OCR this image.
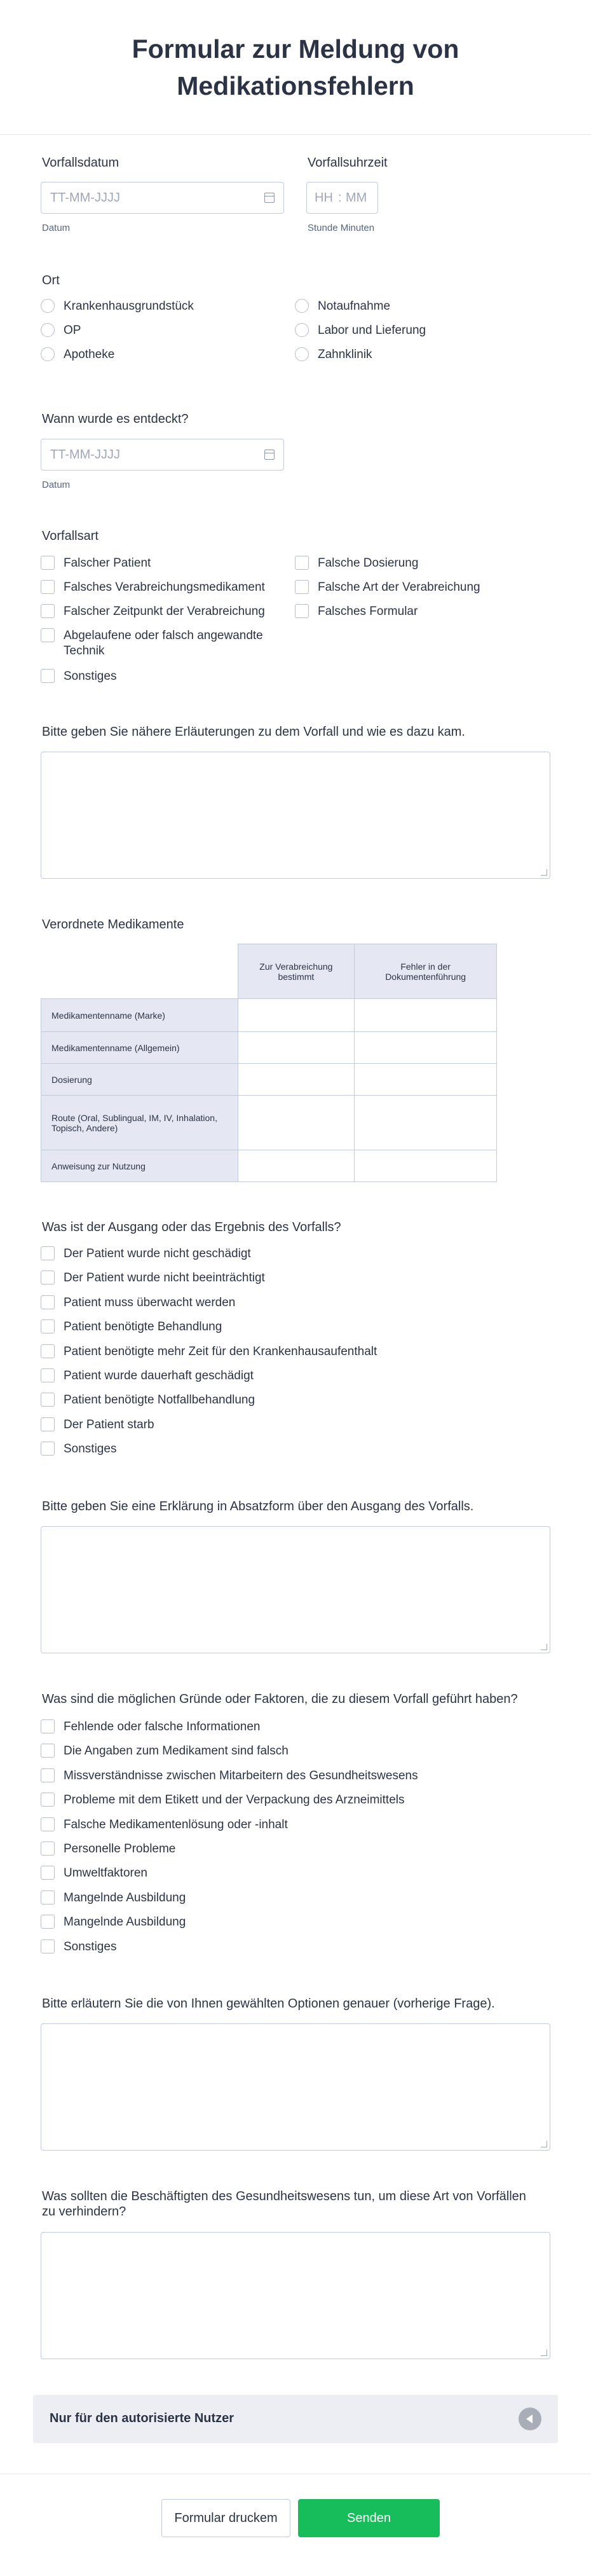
Formular zur Meldung von Medikationsfehlern
Vorfallsdatum
TT-MM-JJJJ
Datum
Vorfallsuhrzeit
HH : MM
Stunde Minuten
Ort
Krankenhausgrundstück
OP
Apotheke
Notaufnahme
Labor und Lieferung
Zahnklinik
Wann wurde es entdeckt?
TT-MM-JJJJ
Datum
Vorfallsart
Falscher Patient
Falsches Verabreichungsmedikament
Falscher Zeitpunkt der Verabreichung
Abgelaufene oder falsch angewandte Technik
Sonstiges
Falsche Dosierung
Falsche Art der Verabreichung
Falsches Formular
Bitte geben Sie nähere Erläuterungen zu dem Vorfall und wie es dazu kam.
Verordnete Medikamente
	Zur Verabreichung bestimmt	Fehler in der Dokumentenführung
Medikamentenname (Marke)		
Medikamentenname (Allgemein)		
Dosierung		
Route (Oral, Sublingual, IM, IV, Inhalation, Topisch, Andere)		
Anweisung zur Nutzung		
Was ist der Ausgang oder das Ergebnis des Vorfalls?
Der Patient wurde nicht geschädigt
Der Patient wurde nicht beeinträchtigt
Patient muss überwacht werden
Patient benötigte Behandlung
Patient benötigte mehr Zeit für den Krankenhausaufenthalt
Patient wurde dauerhaft geschädigt
Patient benötigte Notfallbehandlung
Der Patient starb
Sonstiges
Bitte geben Sie eine Erklärung in Absatzform über den Ausgang des Vorfalls.
Was sind die möglichen Gründe oder Faktoren, die zu diesem Vorfall geführt haben?
Fehlende oder falsche Informationen
Die Angaben zum Medikament sind falsch
Missverständnisse zwischen Mitarbeitern des Gesundheitswesens
Probleme mit dem Etikett und der Verpackung des Arzneimittels
Falsche Medikamentenlösung oder -inhalt
Personelle Probleme
Umweltfaktoren
Mangelnde Ausbildung
Mangelnde Ausbildung
Sonstiges
Bitte erläutern Sie die von Ihnen gewählten Optionen genauer (vorherige Frage).
Was sollten die Beschäftigten des Gesundheitswesens tun, um diese Art von Vorfällen zu verhindern?
Nur für den autorisierte Nutzer
Formular druckem	Senden
